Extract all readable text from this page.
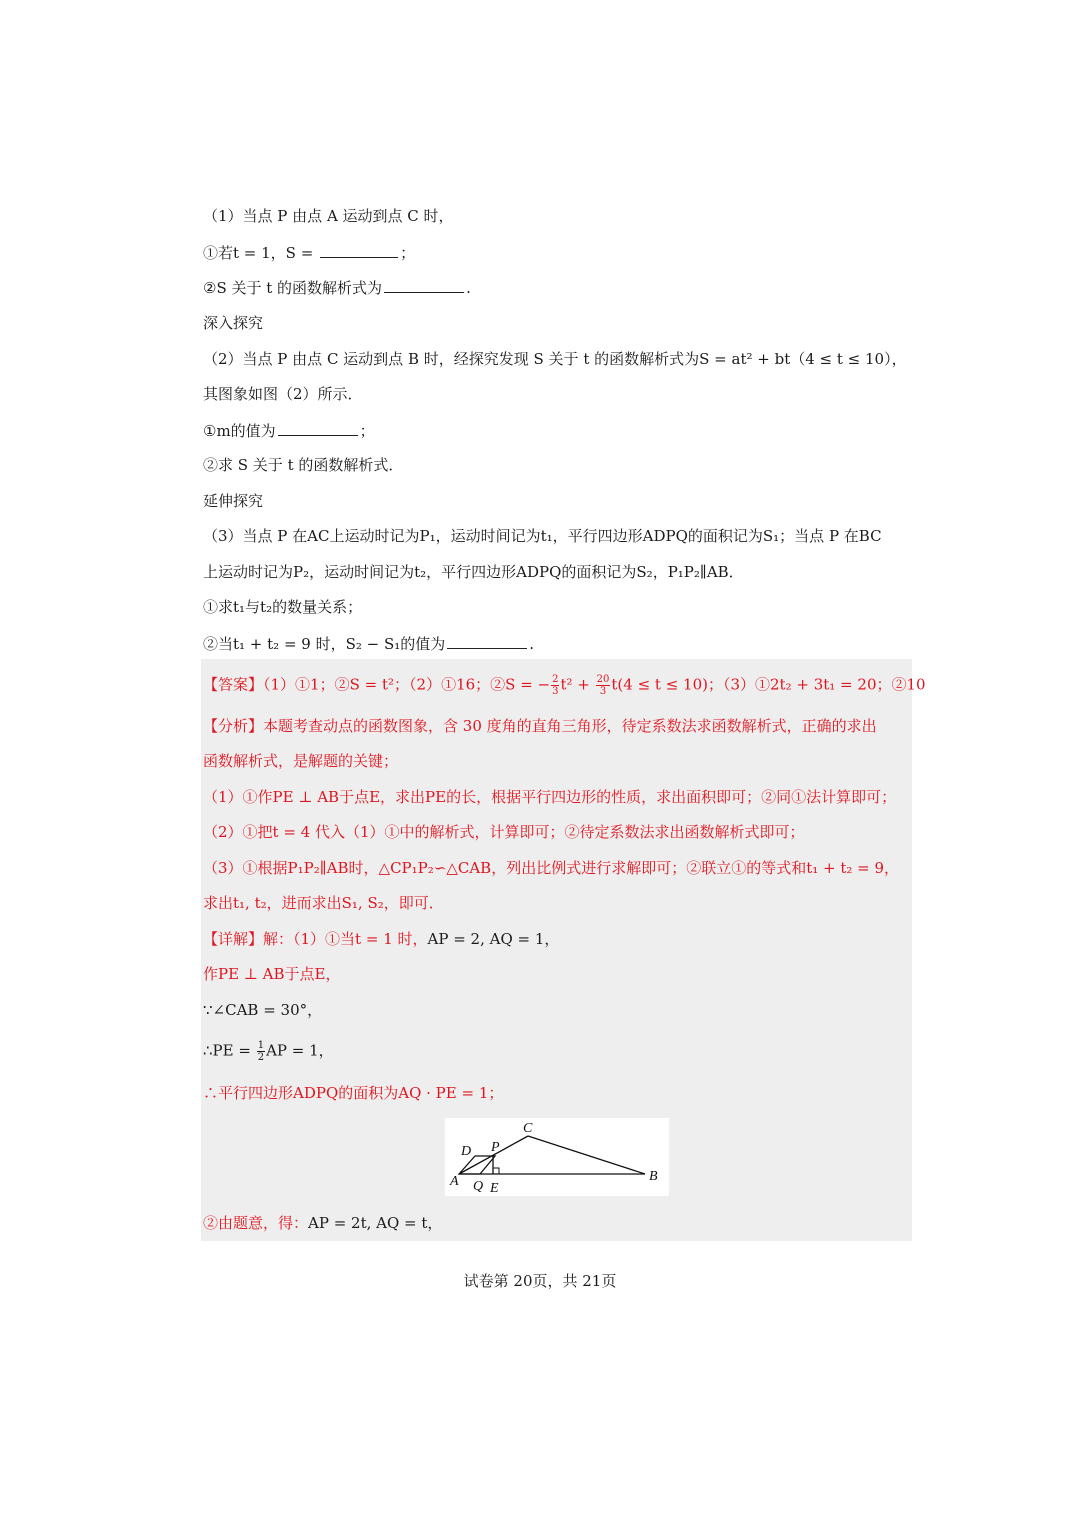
（1）当点 P 由点 A 运动到点 C 时，
①若t = 1，S =	；
②S 关于 t 的函数解析式为	.
深入探究
（2）当点 P 由点 C 运动到点 B 时，经探究发现 S 关于 t 的函数解析式为S = at² + bt（4 ≤ t ≤ 10），
其图象如图（2）所示．
①m的值为	；
②求 S 关于 t 的函数解析式．
延伸探究
（3）当点 P 在AC上运动时记为P₁，运动时间记为t₁，平行四边形ADPQ的面积记为S₁；当点 P 在BC
上运动时记为P₂，运动时间记为t₂，平行四边形ADPQ的面积记为S₂，P₁P₂∥AB．
①求t₁与t₂的数量关系；
②当t₁ + t₂ = 9 时，S₂ − S₁的值为	.
【答案】（1）①1；②S = t²；（2）①16；②S = − $\frac{2}{3} t^2 + \frac{20}{3} t(4 \le t \le 10)$；（3）①2t₂ + 3t₁ = 20；②10
【分析】本题考查动点的函数图象，含 30 度角的直角三角形，待定系数法求函数解析式，正确的求出
函数解析式，是解题的关键；
（1）①作PE ⊥ AB于点E，求出PE的长，根据平行四边形的性质，求出面积即可；②同①法计算即可；
（2）①把t = 4 代入（1）①中的解析式，计算即可；②待定系数法求出函数解析式即可；
（3）①根据P₁P₂∥AB时，△CP₁P₂∽△CAB，列出比例式进行求解即可；②联立①的等式和t₁ + t₂ = 9，
求出t₁, t₂，进而求出S₁, S₂，即可．
【详解】解：（1）①当t = 1 时，AP = 2, AQ = 1，
作PE ⊥ AB于点E，
∵∠CAB = 30°，
∴PE = $\frac{1}{2}$ AP = 1，
∴平行四边形ADPQ的面积为AQ · PE = 1；
C
D P
B
A Q E
②由题意，得：AP = 2t, AQ = t，
试卷第 20页，共 21页
